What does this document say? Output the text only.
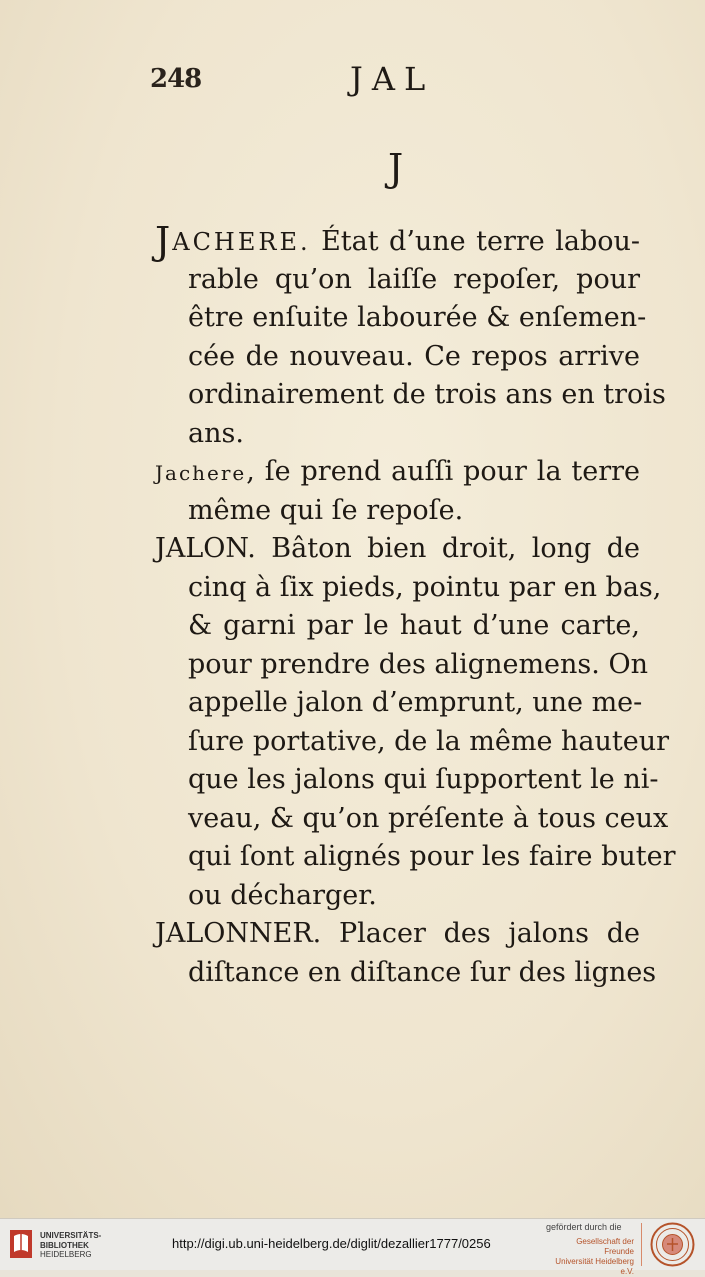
248	JAL
J
JACHERE. État d’une terre labou-
rable qu’on laiſſe repoſer, pour
être enſuite labourée & enſemen-
cée de nouveau. Ce repos arrive
ordinairement de trois ans en trois
ans.
Jachere, ſe prend auſſi pour la terre
même qui ſe repoſe.
JALON. Bâton bien droit, long de
cinq à ſix pieds, pointu par en bas,
& garni par le haut d’une carte,
pour prendre des alignemens. On
appelle jalon d’emprunt, une me-
ſure portative, de la même hauteur
que les jalons qui ſupportent le ni-
veau, & qu’on préſente à tous ceux
qui ſont alignés pour les faire buter
ou décharger.
JALONNER. Placer des jalons de
diſtance en diſtance ſur des lignes
UNIVERSITÄTS-
BIBLIOTHEK
HEIDELBERG
http://digi.ub.uni-heidelberg.de/diglit/dezallier1777/0256
gefördert durch die
Gesellschaft der Freunde
Universität Heidelberg e.V.
